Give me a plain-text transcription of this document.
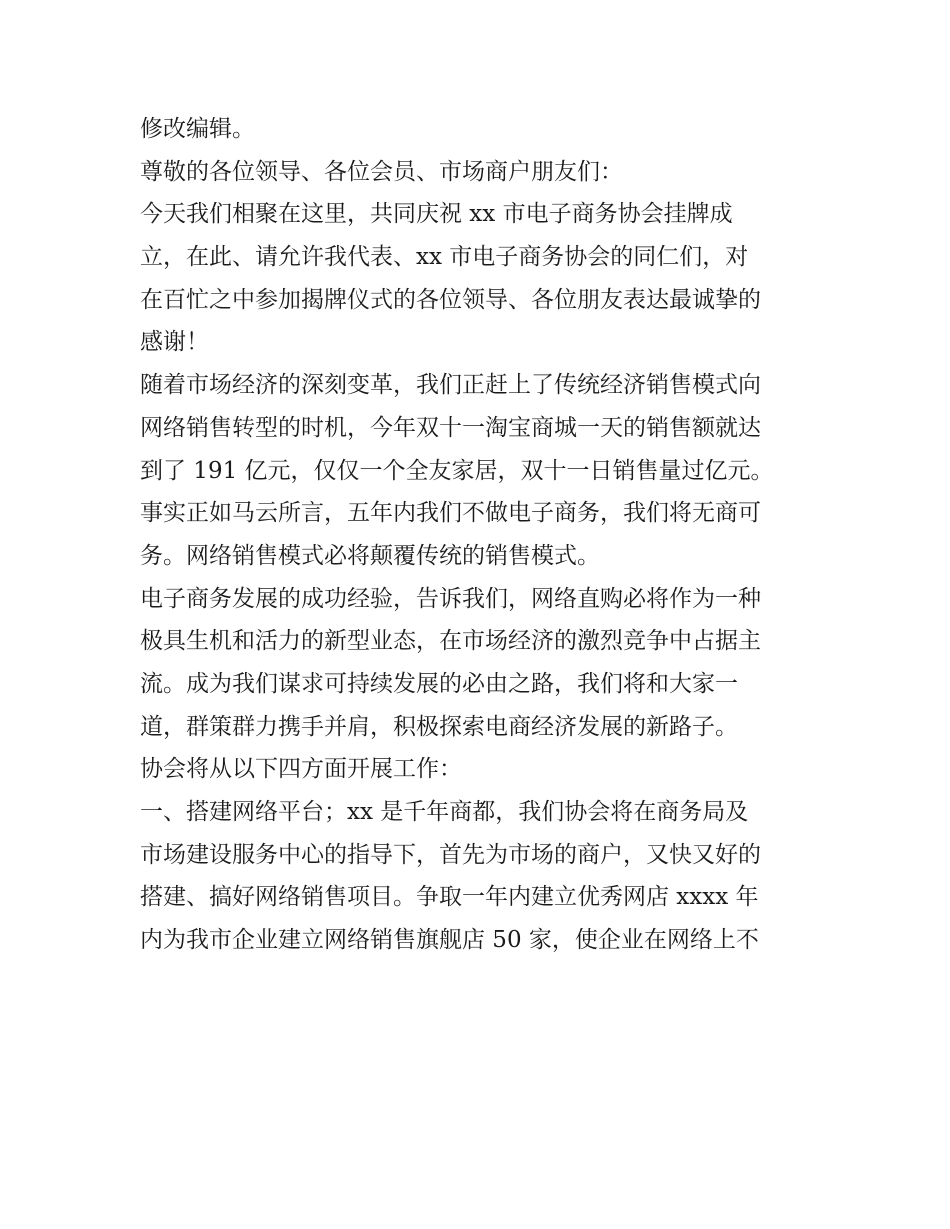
修改编辑。
尊敬的各位领导、各位会员、市场商户朋友们：
今天我们相聚在这里，共同庆祝 xx 市电子商务协会挂牌成
立，在此、请允许我代表、xx 市电子商务协会的同仁们，对
在百忙之中参加揭牌仪式的各位领导、各位朋友表达最诚挚的
感谢！
随着市场经济的深刻变革，我们正赶上了传统经济销售模式向
网络销售转型的时机，今年双十一淘宝商城一天的销售额就达
到了 191 亿元，仅仅一个全友家居，双十一日销售量过亿元。
事实正如马云所言，五年内我们不做电子商务，我们将无商可
务。网络销售模式必将颠覆传统的销售模式。
电子商务发展的成功经验，告诉我们，网络直购必将作为一种
极具生机和活力的新型业态，在市场经济的激烈竞争中占据主
流。成为我们谋求可持续发展的必由之路，我们将和大家一
道，群策群力携手并肩，积极探索电商经济发展的新路子。
协会将从以下四方面开展工作：
一、搭建网络平台；xx 是千年商都，我们协会将在商务局及
市场建设服务中心的指导下，首先为市场的商户，又快又好的
搭建、搞好网络销售项目。争取一年内建立优秀网店 xxxx 年
内为我市企业建立网络销售旗舰店 50 家，使企业在网络上不
